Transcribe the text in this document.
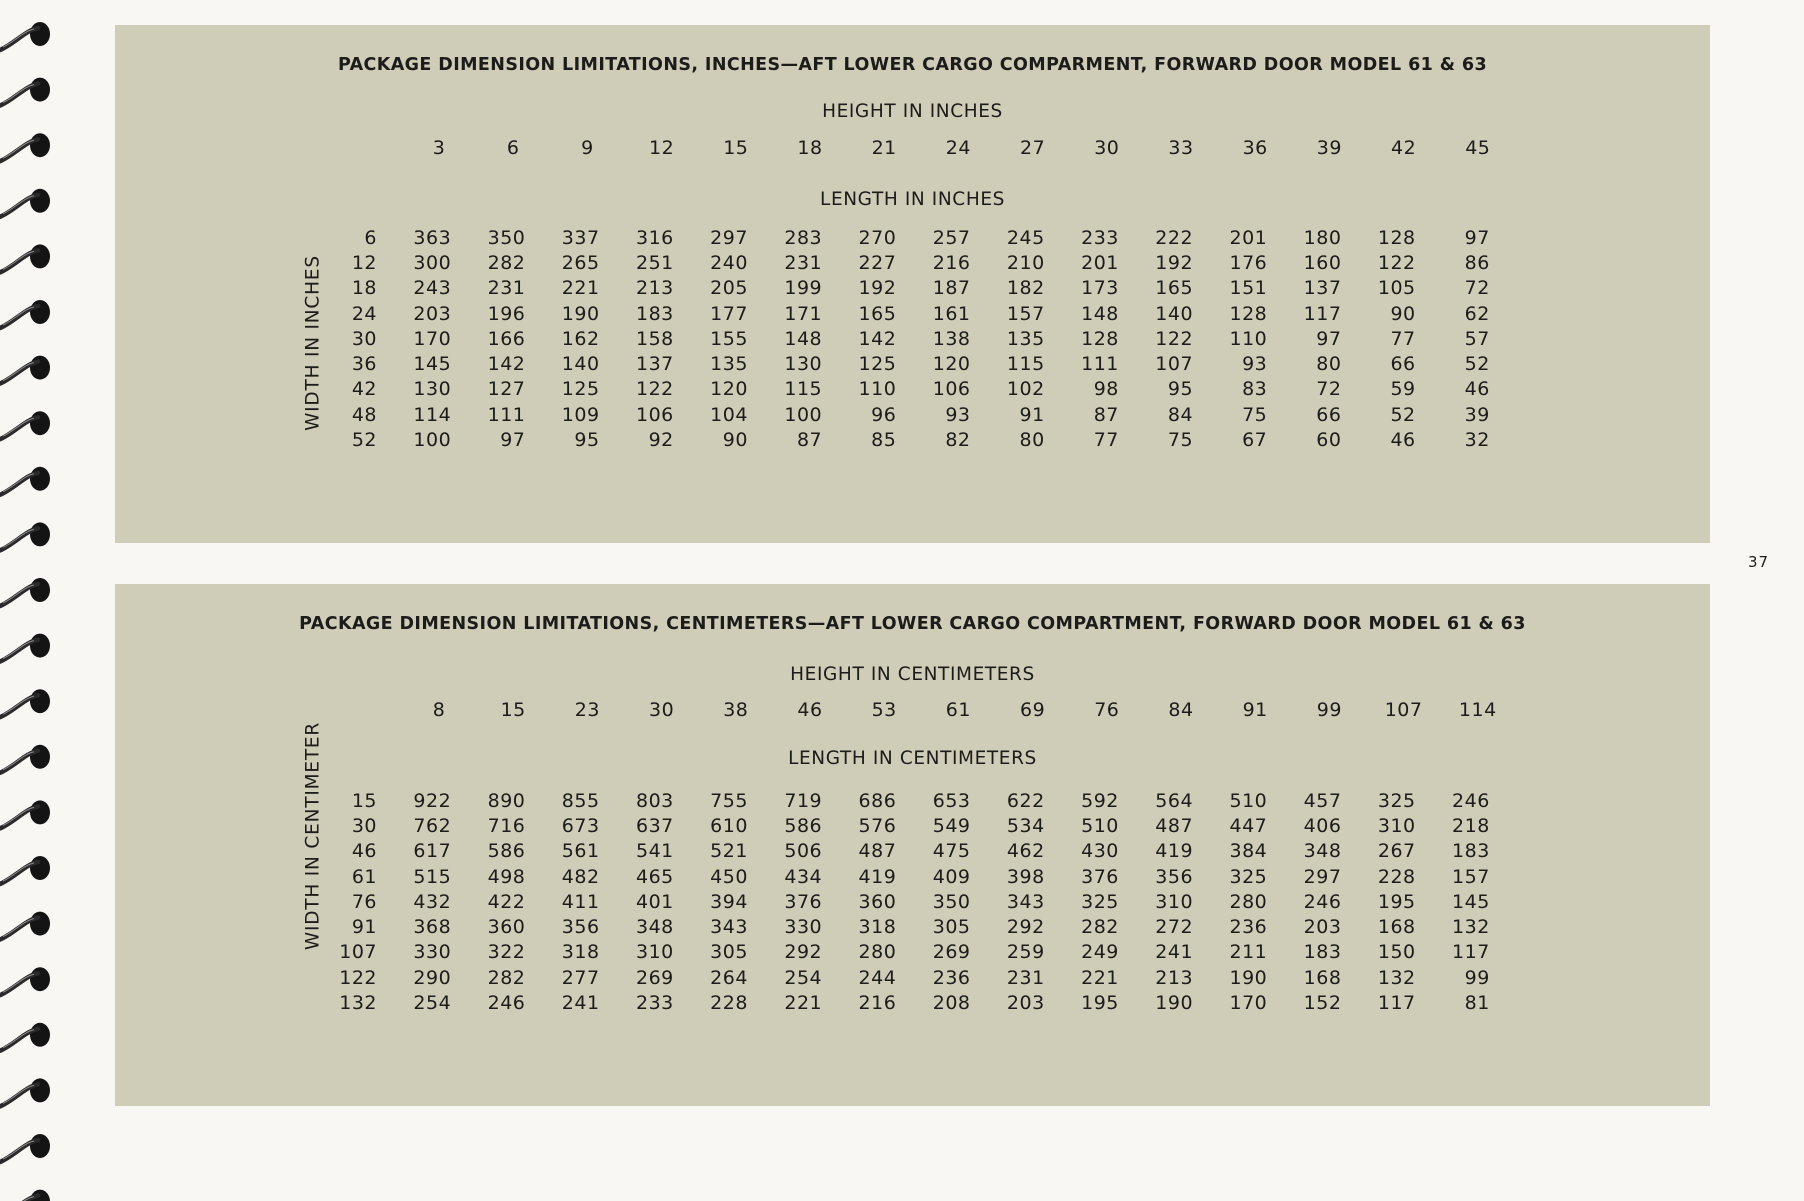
PACKAGE DIMENSION LIMITATIONS, INCHES—AFT LOWER CARGO COMPARMENT, FORWARD DOOR MODEL 61 & 63
HEIGHT IN INCHES
3	6	9	12	15	18	21	24	27	30	33	36	39	42	45
LENGTH IN INCHES
WIDTH IN INCHES
6	363	350	337	316	297	283	270	257	245	233	222	201	180	128	97
12	300	282	265	251	240	231	227	216	210	201	192	176	160	122	86
18	243	231	221	213	205	199	192	187	182	173	165	151	137	105	72
24	203	196	190	183	177	171	165	161	157	148	140	128	117	90	62
30	170	166	162	158	155	148	142	138	135	128	122	110	97	77	57
36	145	142	140	137	135	130	125	120	115	111	107	93	80	66	52
42	130	127	125	122	120	115	110	106	102	98	95	83	72	59	46
48	114	111	109	106	104	100	96	93	91	87	84	75	66	52	39
52	100	97	95	92	90	87	85	82	80	77	75	67	60	46	32
37
PACKAGE DIMENSION LIMITATIONS, CENTIMETERS—AFT LOWER CARGO COMPARTMENT, FORWARD DOOR MODEL 61 & 63
HEIGHT IN CENTIMETERS
8	15	23	30	38	46	53	61	69	76	84	91	99	107	114
LENGTH IN CENTIMETERS
WIDTH IN CENTIMETER 15	922	890	855	803	755	719	686	653	622	592	564	510	457	325	246
30	762	716	673	637	610	586	576	549	534	510	487	447	406	310	218
46	617	586	561	541	521	506	487	475	462	430	419	384	348	267	183
61	515	498	482	465	450	434	419	409	398	376	356	325	297	228	157
76	432	422	411	401	394	376	360	350	343	325	310	280	246	195	145
91	368	360	356	348	343	330	318	305	292	282	272	236	203	168	132
107	330	322	318	310	305	292	280	269	259	249	241	211	183	150	117
122	290	282	277	269	264	254	244	236	231	221	213	190	168	132	99
132	254	246	241	233	228	221	216	208	203	195	190	170	152	117	81
